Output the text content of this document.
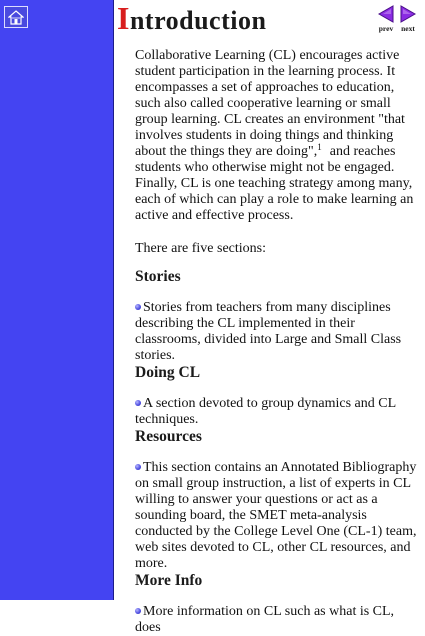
Introduction	prev	next

Collaborative Learning (CL) encourages active student participation in the learning process. It encompasses a set of approaches to education, such also called cooperative learning or small group learning. CL creates an environment "that involves students in doing things and thinking about the things they are doing",$^1$ and reaches students who otherwise might not be engaged. Finally, CL is one teaching strategy among many, each of which can play a role to make learning an active and effective process.

There are five sections:

Stories

Stories from teachers from many disciplines describing the CL implemented in their classrooms, divided into Large and Small Class stories.

Doing CL

A section devoted to group dynamics and CL techniques.

Resources

This section contains an Annotated Bibliography on small group instruction, a list of experts in CL willing to answer your questions or act as a sounding board, the SMET meta-analysis conducted by the College Level One (CL-1) team, web sites devoted to CL, other CL resources, and more.

More Info

More information on CL such as what is CL, does
